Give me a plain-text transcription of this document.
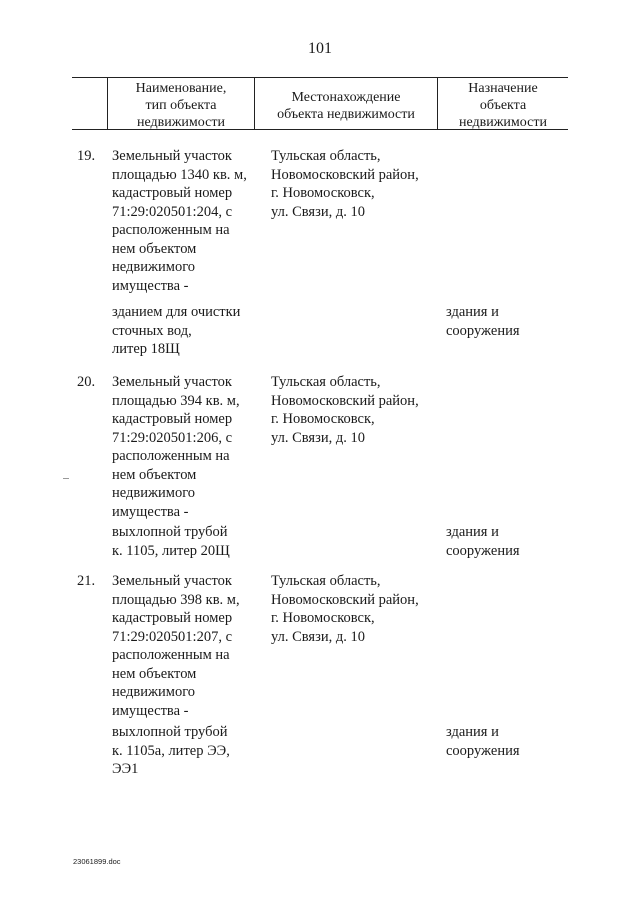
101
Наименование,
тип объекта
недвижимости
Местонахождение
объекта недвижимости
Назначение
объекта
недвижимости
19. Земельный участок
площадью 1340 кв. м,
кадастровый номер
71:29:020501:204, с
расположенным на
нем объектом
недвижимого
имущества -
Тульская область,
Новомосковский район,
г. Новомосковск,
ул. Связи, д. 10
зданием для очистки
сточных вод,
литер 18Щ
здания и
сооружения
20. Земельный участок
площадью 394 кв. м,
кадастровый номер
71:29:020501:206, с
расположенным на
нем объектом
недвижимого
имущества -
Тульская область,
Новомосковский район,
г. Новомосковск,
ул. Связи, д. 10
выхлопной трубой
к. 1105, литер 20Щ
здания и
сооружения
21. Земельный участок
площадью 398 кв. м,
кадастровый номер
71:29:020501:207, с
расположенным на
нем объектом
недвижимого
имущества -
Тульская область,
Новомосковский район,
г. Новомосковск,
ул. Связи, д. 10
выхлопной трубой
к. 1105а, литер ЭЭ,
ЭЭ1
здания и
сооружения
23061899.doc
